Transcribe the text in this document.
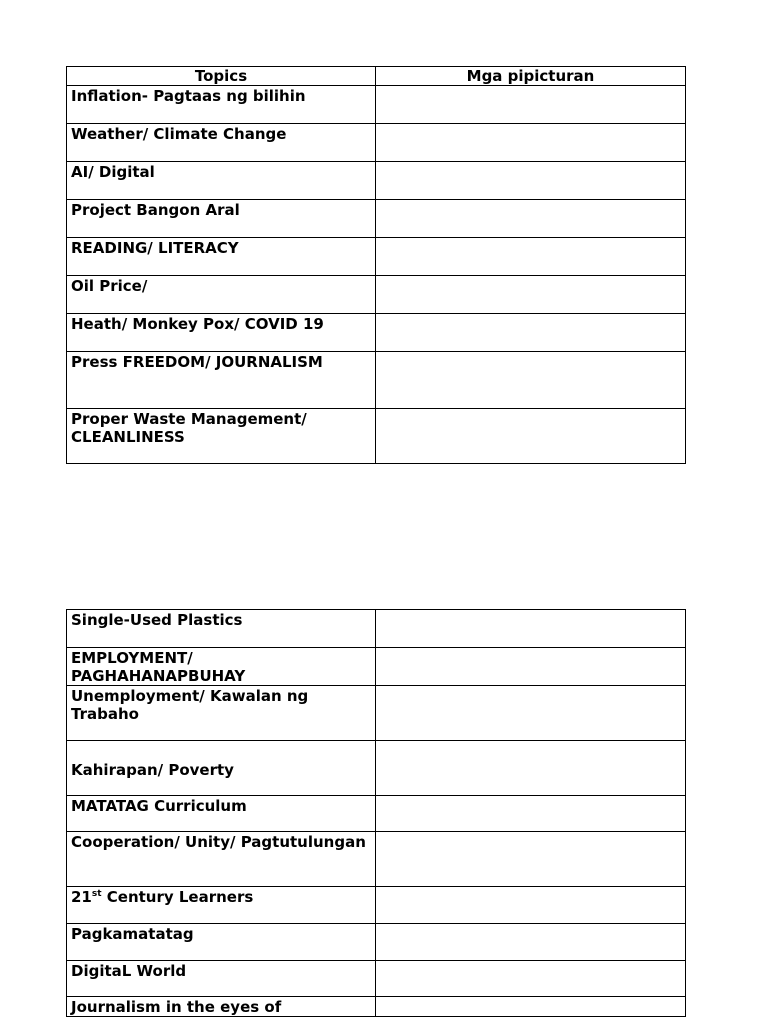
Topics	Mga pipicturan
Inflation- Pagtaas ng bilihin	
Weather/ Climate Change	
AI/ Digital	
Project Bangon Aral	
READING/ LITERACY	
Oil Price/	
Heath/ Monkey Pox/ COVID 19	
Press FREEDOM/ JOURNALISM	
Proper Waste Management/ CLEANLINESS	
Single-Used Plastics	
EMPLOYMENT/ PAGHAHANAPBUHAY	
Unemployment/ Kawalan ng Trabaho	
Kahirapan/ Poverty	
MATATAG Curriculum	
Cooperation/ Unity/ Pagtutulungan	
21st Century Learners	
Pagkamatatag	
DigitaL World	
Journalism in the eyes of	
